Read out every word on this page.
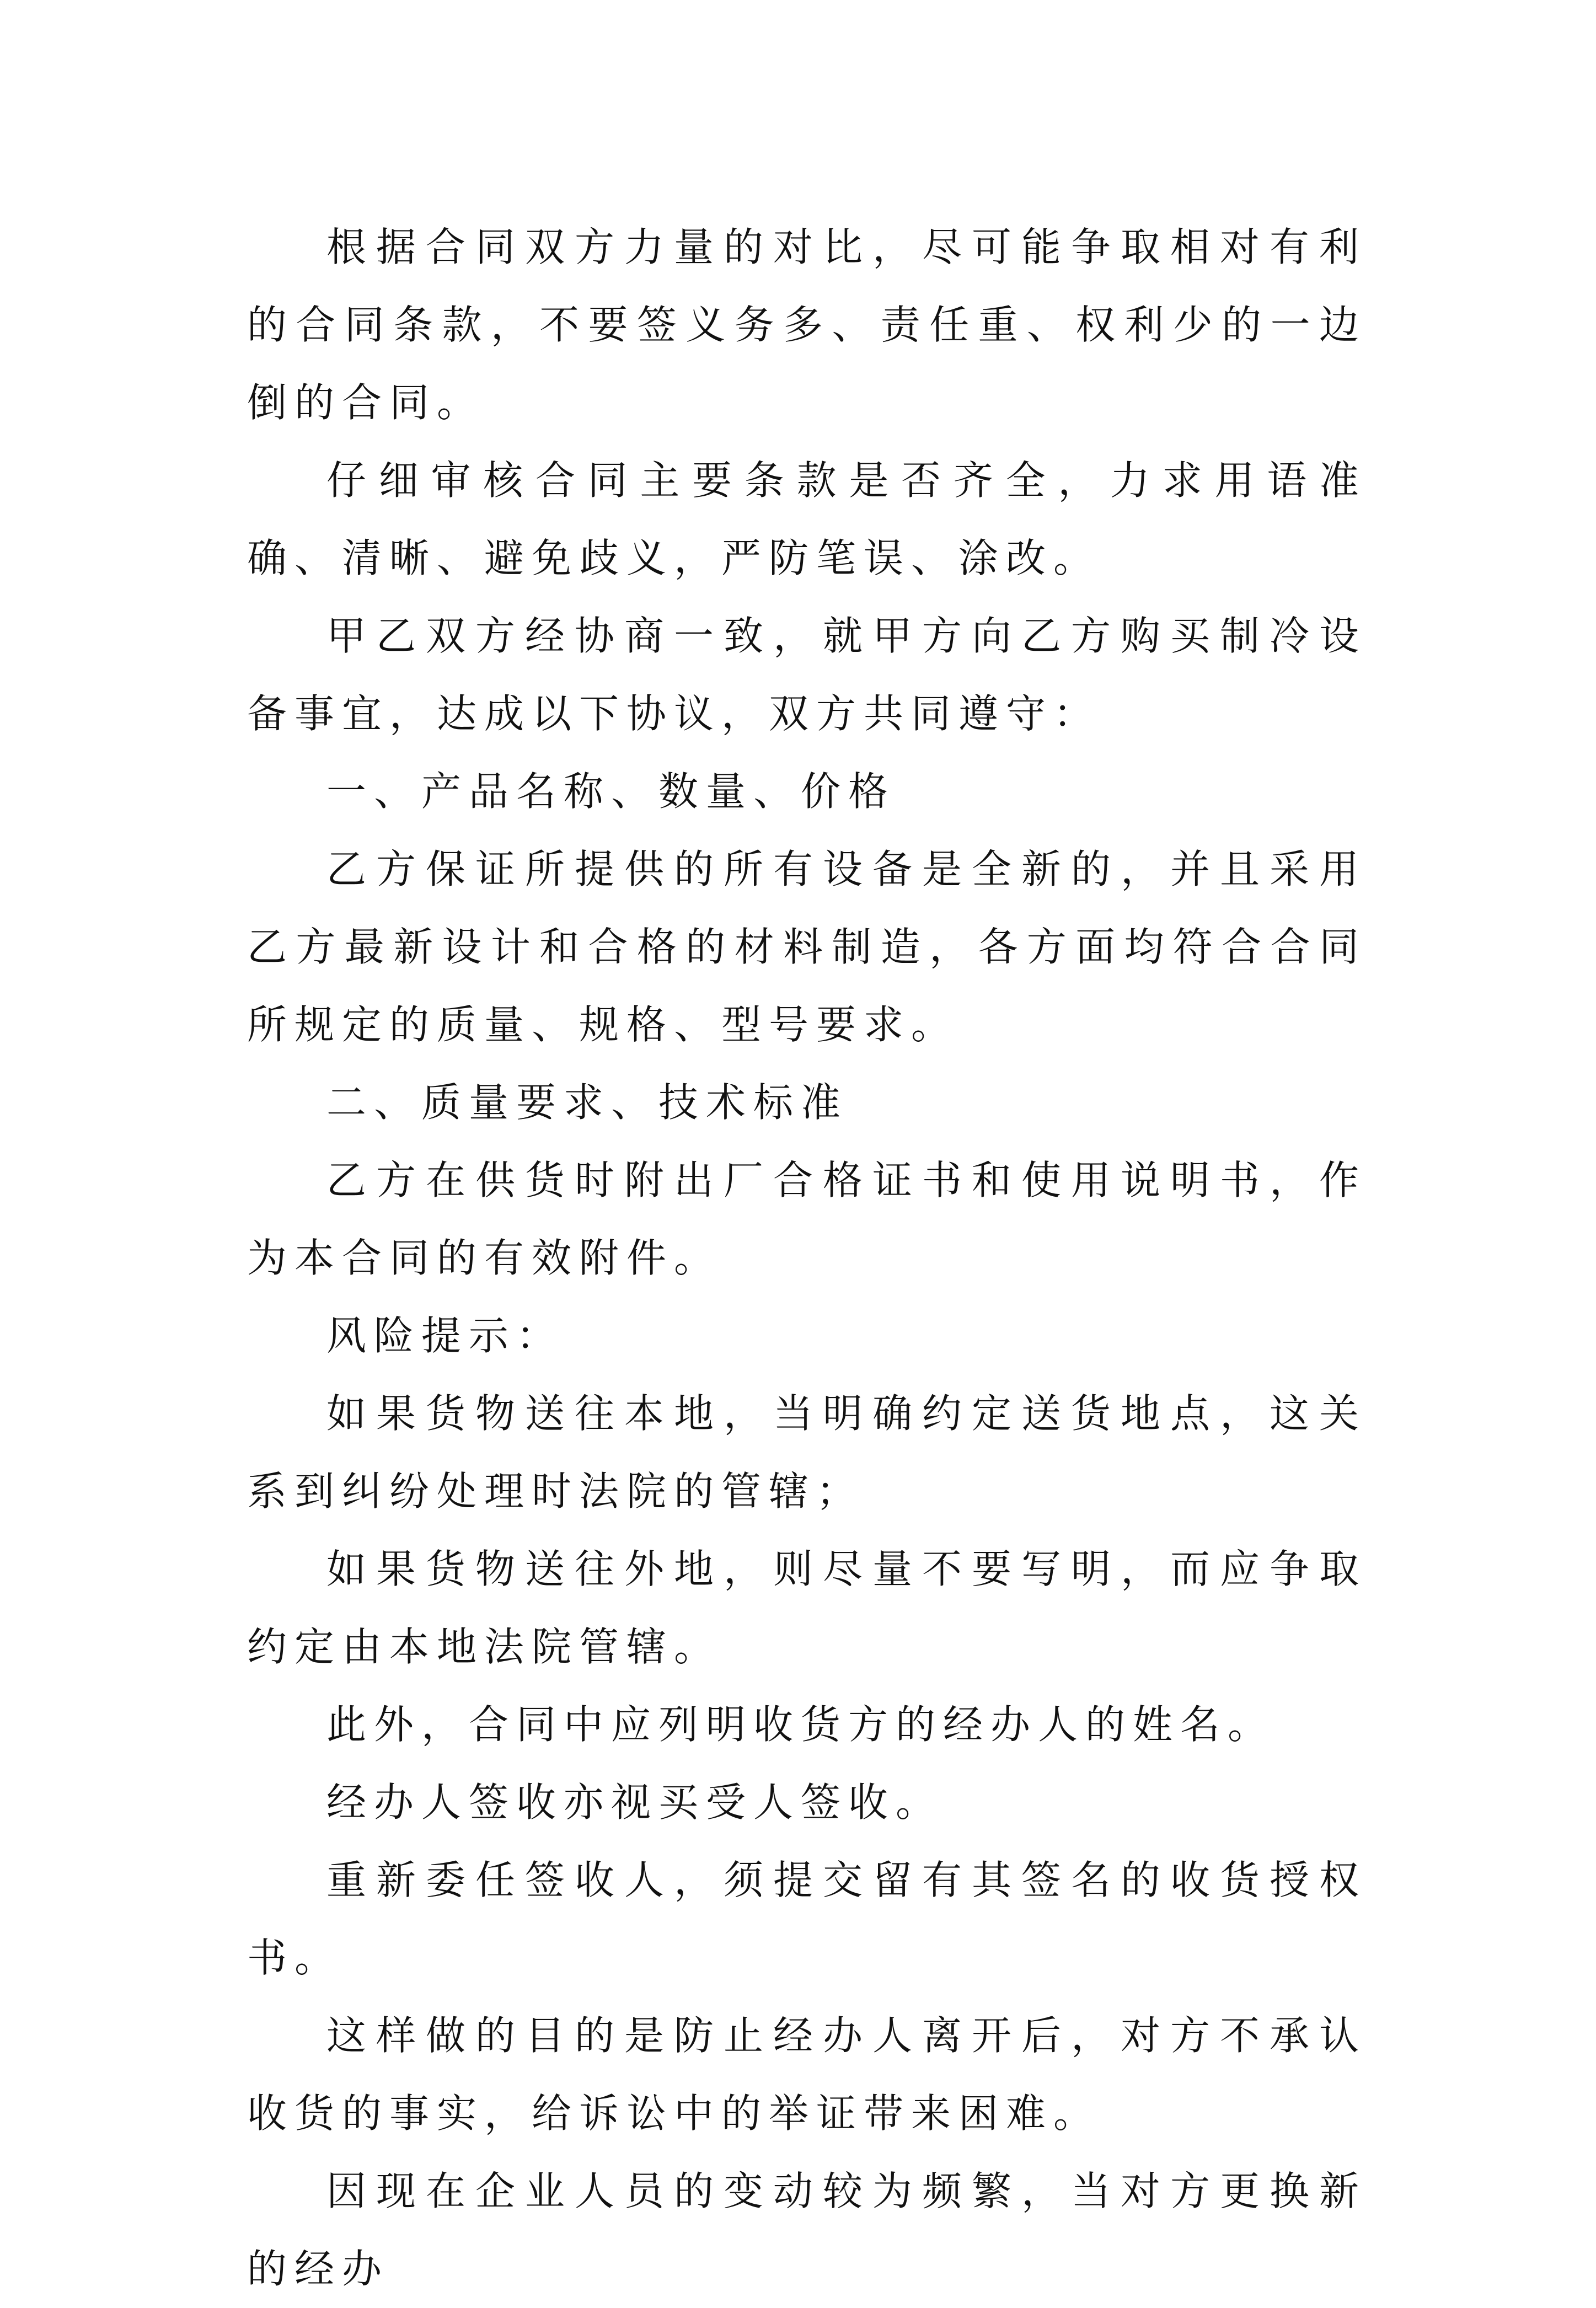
根据合同双方力量的对比，尽可能争取相对有利的合同条款，不要签义务多、责任重、权利少的一边倒的合同。

仔细审核合同主要条款是否齐全，力求用语准确、清晰、避免歧义，严防笔误、涂改。

甲乙双方经协商一致，就甲方向乙方购买制冷设备事宜，达成以下协议，双方共同遵守：

一、产品名称、数量、价格

乙方保证所提供的所有设备是全新的，并且采用乙方最新设计和合格的材料制造，各方面均符合合同所规定的质量、规格、型号要求。

二、质量要求、技术标准

乙方在供货时附出厂合格证书和使用说明书，作为本合同的有效附件。

风险提示：

如果货物送往本地，当明确约定送货地点，这关系到纠纷处理时法院的管辖；

如果货物送往外地，则尽量不要写明，而应争取约定由本地法院管辖。

此外，合同中应列明收货方的经办人的姓名。

经办人签收亦视买受人签收。

重新委任签收人，须提交留有其签名的收货授权书。

这样做的目的是防止经办人离开后，对方不承认收货的事实，给诉讼中的举证带来困难。

因现在企业人员的变动较为频繁，当对方更换新的经办
